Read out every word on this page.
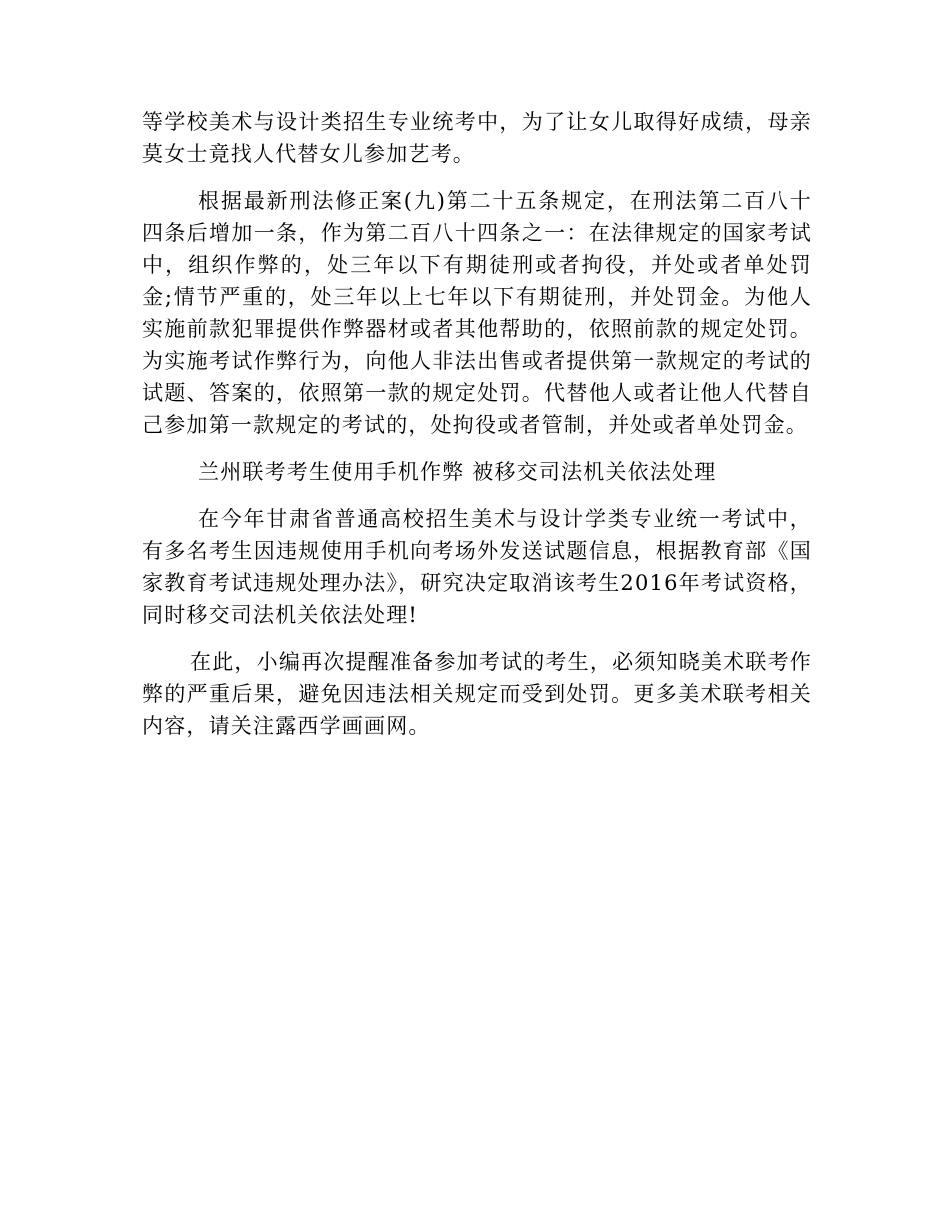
等学校美术与设计类招生专业统考中，为了让女儿取得好成绩，母亲莫女士竟找人代替女儿参加艺考。

根据最新刑法修正案(九)第二十五条规定，在刑法第二百八十四条后增加一条，作为第二百八十四条之一：在法律规定的国家考试中，组织作弊的，处三年以下有期徒刑或者拘役，并处或者单处罚金;情节严重的，处三年以上七年以下有期徒刑，并处罚金。为他人实施前款犯罪提供作弊器材或者其他帮助的，依照前款的规定处罚。为实施考试作弊行为，向他人非法出售或者提供第一款规定的考试的试题、答案的，依照第一款的规定处罚。代替他人或者让他人代替自己参加第一款规定的考试的，处拘役或者管制，并处或者单处罚金。

兰州联考考生使用手机作弊 被移交司法机关依法处理

在今年甘肃省普通高校招生美术与设计学类专业统一考试中，有多名考生因违规使用手机向考场外发送试题信息，根据教育部《国家教育考试违规处理办法》，研究决定取消该考生2016年考试资格，同时移交司法机关依法处理!

在此，小编再次提醒准备参加考试的考生，必须知晓美术联考作弊的严重后果，避免因违法相关规定而受到处罚。更多美术联考相关内容，请关注露西学画画网。
